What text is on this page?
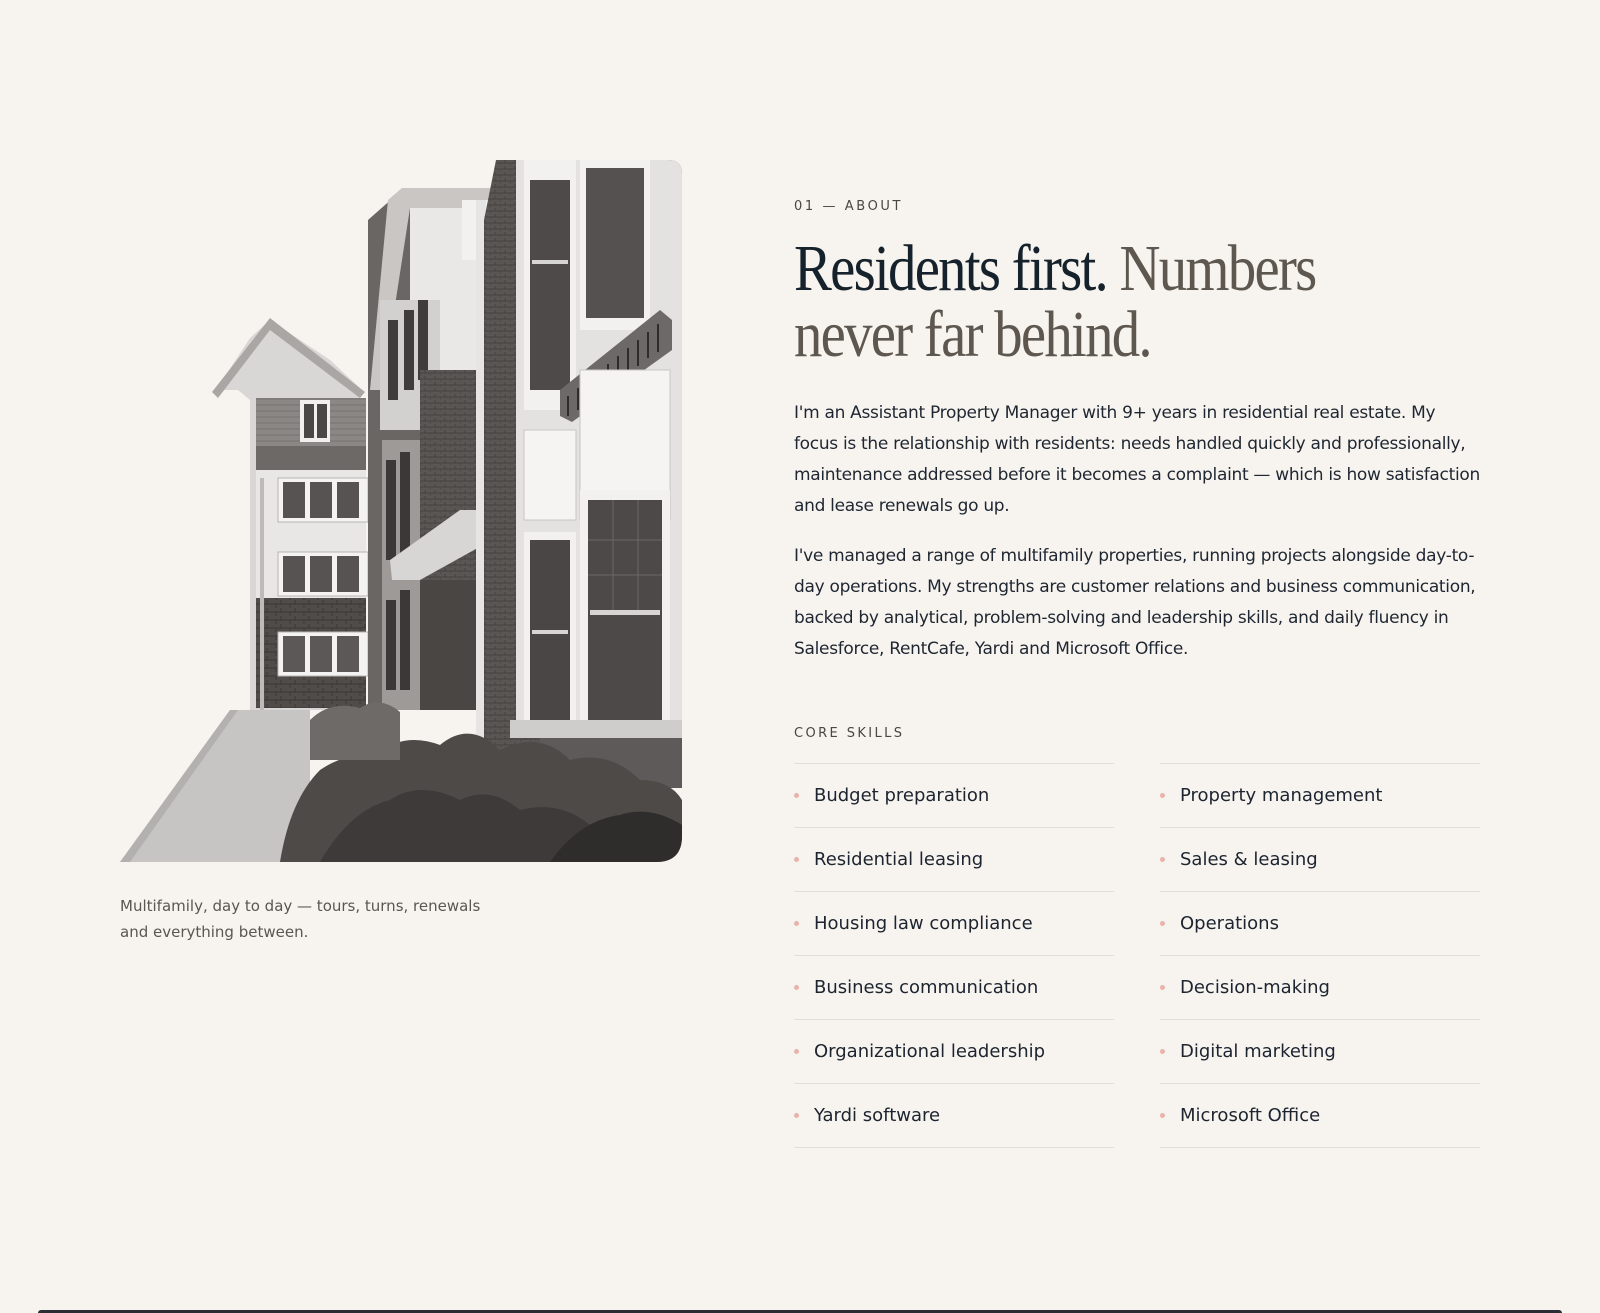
Multifamily, day to day — tours, turns, renewals and everything between.

01 — ABOUT

Residents first. Numbers
never far behind.

I'm an Assistant Property Manager with 9+ years in residential real estate. My focus is the relationship with residents: needs handled quickly and professionally, maintenance addressed before it becomes a complaint — which is how satisfaction and lease renewals go up.

I've managed a range of multifamily properties, running projects alongside day-to-day operations. My strengths are customer relations and business communication, backed by analytical, problem-solving and leadership skills, and daily fluency in Salesforce, RentCafe, Yardi and Microsoft Office.

CORE SKILLS

Budget preparation
Residential leasing
Housing law compliance
Business communication
Organizational leadership
Yardi software
Property management
Sales & leasing
Operations
Decision-making
Digital marketing
Microsoft Office
